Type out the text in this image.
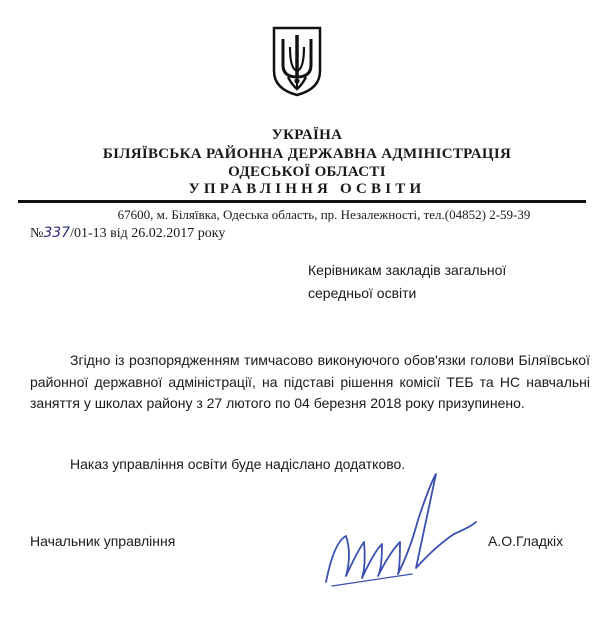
УКРАЇНА
БІЛЯЇВСЬКА РАЙОННА ДЕРЖАВНА АДМІНІСТРАЦІЯ
ОДЕСЬКОЇ ОБЛАСТІ
УПРАВЛІННЯ ОСВІТИ
67600, м. Біляївка, Одеська область, пр. Незалежності, тел.(04852) 2-59-39
№337/01-13 від 26.02.2017 року
Керівникам закладів загальної
середньої освіти
Згідно із розпорядженням тимчасово виконуючого обов'язки голови Біляївської районної державної адміністрації, на підставі рішення комісії ТЕБ та НС навчальні заняття у школах району з 27 лютого по 04 березня 2018 року призупинено.
Наказ управління освіти буде надіслано додатково.
Начальник управління	А.О.Гладкіх
